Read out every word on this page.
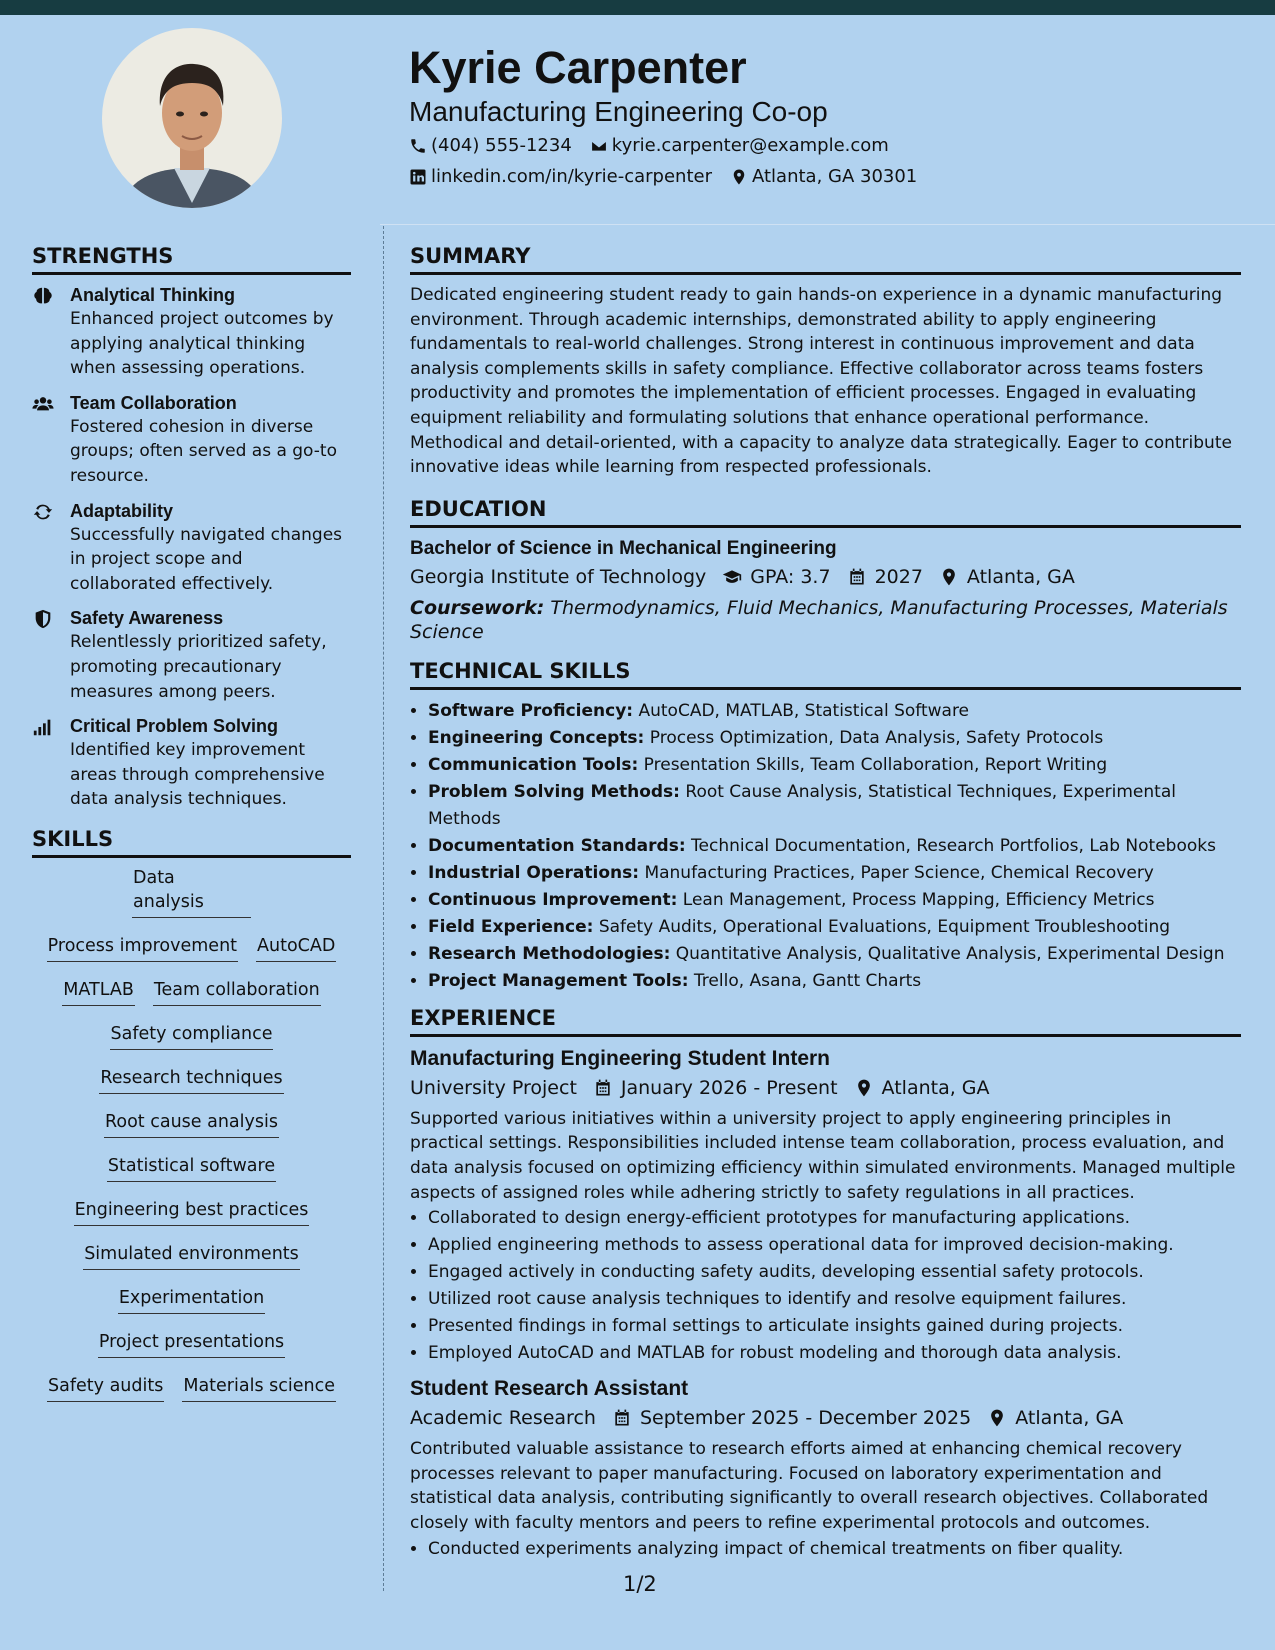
Kyrie Carpenter
Manufacturing Engineering Co-op
(404) 555-1234 kyrie.carpenter@example.com
linkedin.com/in/kyrie-carpenter Atlanta, GA 30301
STRENGTHS
Analytical Thinking
Enhanced project outcomes by applying analytical thinking when assessing operations.
Team Collaboration
Fostered cohesion in diverse groups; often served as a go-to resource.
Adaptability
Successfully navigated changes in project scope and collaborated effectively.
Safety Awareness
Relentlessly prioritized safety, promoting precautionary measures among peers.
Critical Problem Solving
Identified key improvement areas through comprehensive data analysis techniques.
SKILLS
Data analysis
Process improvement AutoCAD
MATLAB Team collaboration
Safety compliance
Research techniques
Root cause analysis
Statistical software
Engineering best practices
Simulated environments
Experimentation
Project presentations
Safety audits Materials science
SUMMARY

Dedicated engineering student ready to gain hands-on experience in a dynamic manufacturing environment. Through academic internships, demonstrated ability to apply engineering fundamentals to real-world challenges. Strong interest in continuous improvement and data analysis complements skills in safety compliance. Effective collaborator across teams fosters productivity and promotes the implementation of efficient processes. Engaged in evaluating equipment reliability and formulating solutions that enhance operational performance. Methodical and detail-oriented, with a capacity to analyze data strategically. Eager to contribute innovative ideas while learning from respected professionals.

EDUCATION
Bachelor of Science in Mechanical Engineering
Georgia Institute of Technology GPA: 3.7 2027 Atlanta, GA
Coursework: Thermodynamics, Fluid Mechanics, Manufacturing Processes, Materials Science
TECHNICAL SKILLS
• Software Proficiency: AutoCAD, MATLAB, Statistical Software
• Engineering Concepts: Process Optimization, Data Analysis, Safety Protocols
• Communication Tools: Presentation Skills, Team Collaboration, Report Writing
• Problem Solving Methods: Root Cause Analysis, Statistical Techniques, Experimental Methods
• Documentation Standards: Technical Documentation, Research Portfolios, Lab Notebooks
• Industrial Operations: Manufacturing Practices, Paper Science, Chemical Recovery
• Continuous Improvement: Lean Management, Process Mapping, Efficiency Metrics
• Field Experience: Safety Audits, Operational Evaluations, Equipment Troubleshooting
• Research Methodologies: Quantitative Analysis, Qualitative Analysis, Experimental Design
• Project Management Tools: Trello, Asana, Gantt Charts
EXPERIENCE
Manufacturing Engineering Student Intern
University Project January 2026 - Present Atlanta, GA
Supported various initiatives within a university project to apply engineering principles in practical settings. Responsibilities included intense team collaboration, process evaluation, and data analysis focused on optimizing efficiency within simulated environments. Managed multiple aspects of assigned roles while adhering strictly to safety regulations in all practices.
• Collaborated to design energy-efficient prototypes for manufacturing applications.
• Applied engineering methods to assess operational data for improved decision-making.
• Engaged actively in conducting safety audits, developing essential safety protocols.
• Utilized root cause analysis techniques to identify and resolve equipment failures.
• Presented findings in formal settings to articulate insights gained during projects.
• Employed AutoCAD and MATLAB for robust modeling and thorough data analysis.
Student Research Assistant
Academic Research September 2025 - December 2025 Atlanta, GA
Contributed valuable assistance to research efforts aimed at enhancing chemical recovery processes relevant to paper manufacturing. Focused on laboratory experimentation and statistical data analysis, contributing significantly to overall research objectives. Collaborated closely with faculty mentors and peers to refine experimental protocols and outcomes.
• Conducted experiments analyzing impact of chemical treatments on fiber quality.
1/2
